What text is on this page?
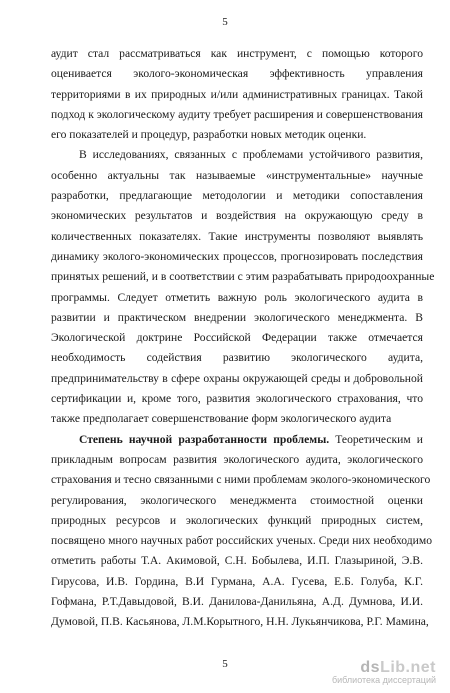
5
аудит стал рассматриваться как инструмент, с помощью которого
оценивается эколого-экономическая эффективность управления
территориями в их природных и/или административных границах. Такой
подход к экологическому аудиту требует расширения и совершенствования
его показателей и процедур, разработки новых методик оценки.
В исследованиях, связанных с проблемами устойчивого развития,
особенно актуальны так называемые «инструментальные» научные
разработки, предлагающие методологии и методики сопоставления
экономических результатов и воздействия на окружающую среду в
количественных показателях. Такие инструменты позволяют выявлять
динамику эколого-экономических процессов, прогнозировать последствия
принятых решений, и в соответствии с этим разрабатывать природоохранные
программы. Следует отметить важную роль экологического аудита в
развитии и практическом внедрении экологического менеджмента. В
Экологической доктрине Российской Федерации также отмечается
необходимость содействия развитию экологического аудита,
предпринимательству в сфере охраны окружающей среды и добровольной
сертификации и, кроме того, развития экологического страхования, что
также предполагает совершенствование форм экологического аудита
Степень научной разработанности проблемы. Теоретическим и
прикладным вопросам развития экологического аудита, экологического
страхования и тесно связанными с ними проблемам эколого-экономического
регулирования, экологического менеджмента стоимостной оценки
природных ресурсов и экологических функций природных систем,
посвящено много научных работ российских ученых. Среди них необходимо
отметить работы Т.А. Акимовой, С.Н. Бобылева, И.П. Глазыриной, Э.В.
Гирусова, И.В. Гордина, В.И Гурмана, А.А. Гусева, Е.Б. Голуба, К.Г.
Гофмана, Р.Т.Давыдовой, В.И. Данилова-Данильяна, А.Д. Думнова, И.И.
Думовой, П.В. Касьянова, Л.М.Корытного, Н.Н. Лукьянчикова, Р.Г. Мамина,
5	dsLib.net
библиотека диссертаций
